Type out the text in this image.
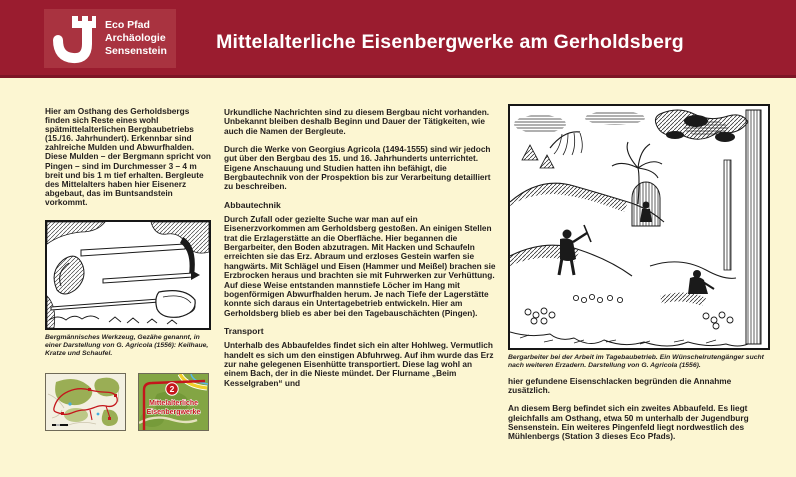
Eco Pfad
Archäologie
Sensenstein	Mittelalterliche Eisenbergwerke am Gerholdsberg

Hier am Osthang des Gerholdsbergs finden sich Reste eines wohl spätmittelalterlichen Bergbaubetriebs (15./16. Jahrhundert). Erkennbar sind zahlreiche Mulden und Abwurfhalden. Diese Mulden – der Bergmann spricht von Pingen – sind im Durchmesser 3 – 4 m breit und bis 1 m tief erhalten. Bergleute des Mittelalters haben hier Eisenerz abgebaut, das im Buntsandstein vorkommt.

Bergmännisches Werkzeug, Gezähe genannt, in einer Darstellung von G. Agricola (1556): Keilhaue, Kratze und Schaufel.
2
Mittelalterliche
Eisenbergwerke

Urkundliche Nachrichten sind zu diesem Bergbau nicht vorhanden. Unbekannt bleiben deshalb Beginn und Dauer der Tätigkeiten, wie auch die Namen der Bergleute.

Durch die Werke von Georgius Agricola (1494-1555) sind wir jedoch gut über den Bergbau des 15. und 16. Jahrhunderts unterrichtet. Eigene Anschauung und Studien hatten ihn befähigt, die Bergbautechnik von der Prospektion bis zur Verarbeitung detailliert zu beschreiben.

Abbautechnik

Durch Zufall oder gezielte Suche war man auf ein Eisenerzvorkommen am Gerholdsberg gestoßen. An einigen Stellen trat die Erzlagerstätte an die Oberfläche. Hier begannen die Bergarbeiter, den Boden abzutragen. Mit Hacken und Schaufeln erreichten sie das Erz. Abraum und erzloses Gestein warfen sie hangwärts. Mit Schlägel und Eisen (Hammer und Meißel) brachen sie Erzbrocken heraus und brachten sie mit Fuhrwerken zur Verhüttung. Auf diese Weise entstanden mannstiefe Löcher im Hang mit bogenförmigen Abwurfhalden herum. Je nach Tiefe der Lagerstätte konnte sich daraus ein Untertagebetrieb entwickeln. Hier am Gerholdsberg blieb es aber bei den Tagebauschächten (Pingen).

Transport

Unterhalb des Abbaufeldes findet sich ein alter Hohlweg. Vermutlich handelt es sich um den einstigen Abfuhrweg. Auf ihm wurde das Erz zur nahe gelegenen Eisenhütte transportiert. Diese lag wohl an einem Bach, der in die Nieste mündet. Der Flurname „Beim Kesselgraben“ und

Bergarbeiter bei der Arbeit im Tagebaubetrieb. Ein Wünschelrutengänger sucht nach weiteren Erzadern. Darstellung von G. Agricola (1556).

hier gefundene Eisenschlacken begründen die Annahme zusätzlich.

An diesem Berg befindet sich ein zweites Abbaufeld. Es liegt gleichfalls am Osthang, etwa 50 m unterhalb der Jugendburg Sensenstein. Ein weiteres Pingenfeld liegt nordwestlich des Mühlenbergs (Station 3 dieses Eco Pfads).
